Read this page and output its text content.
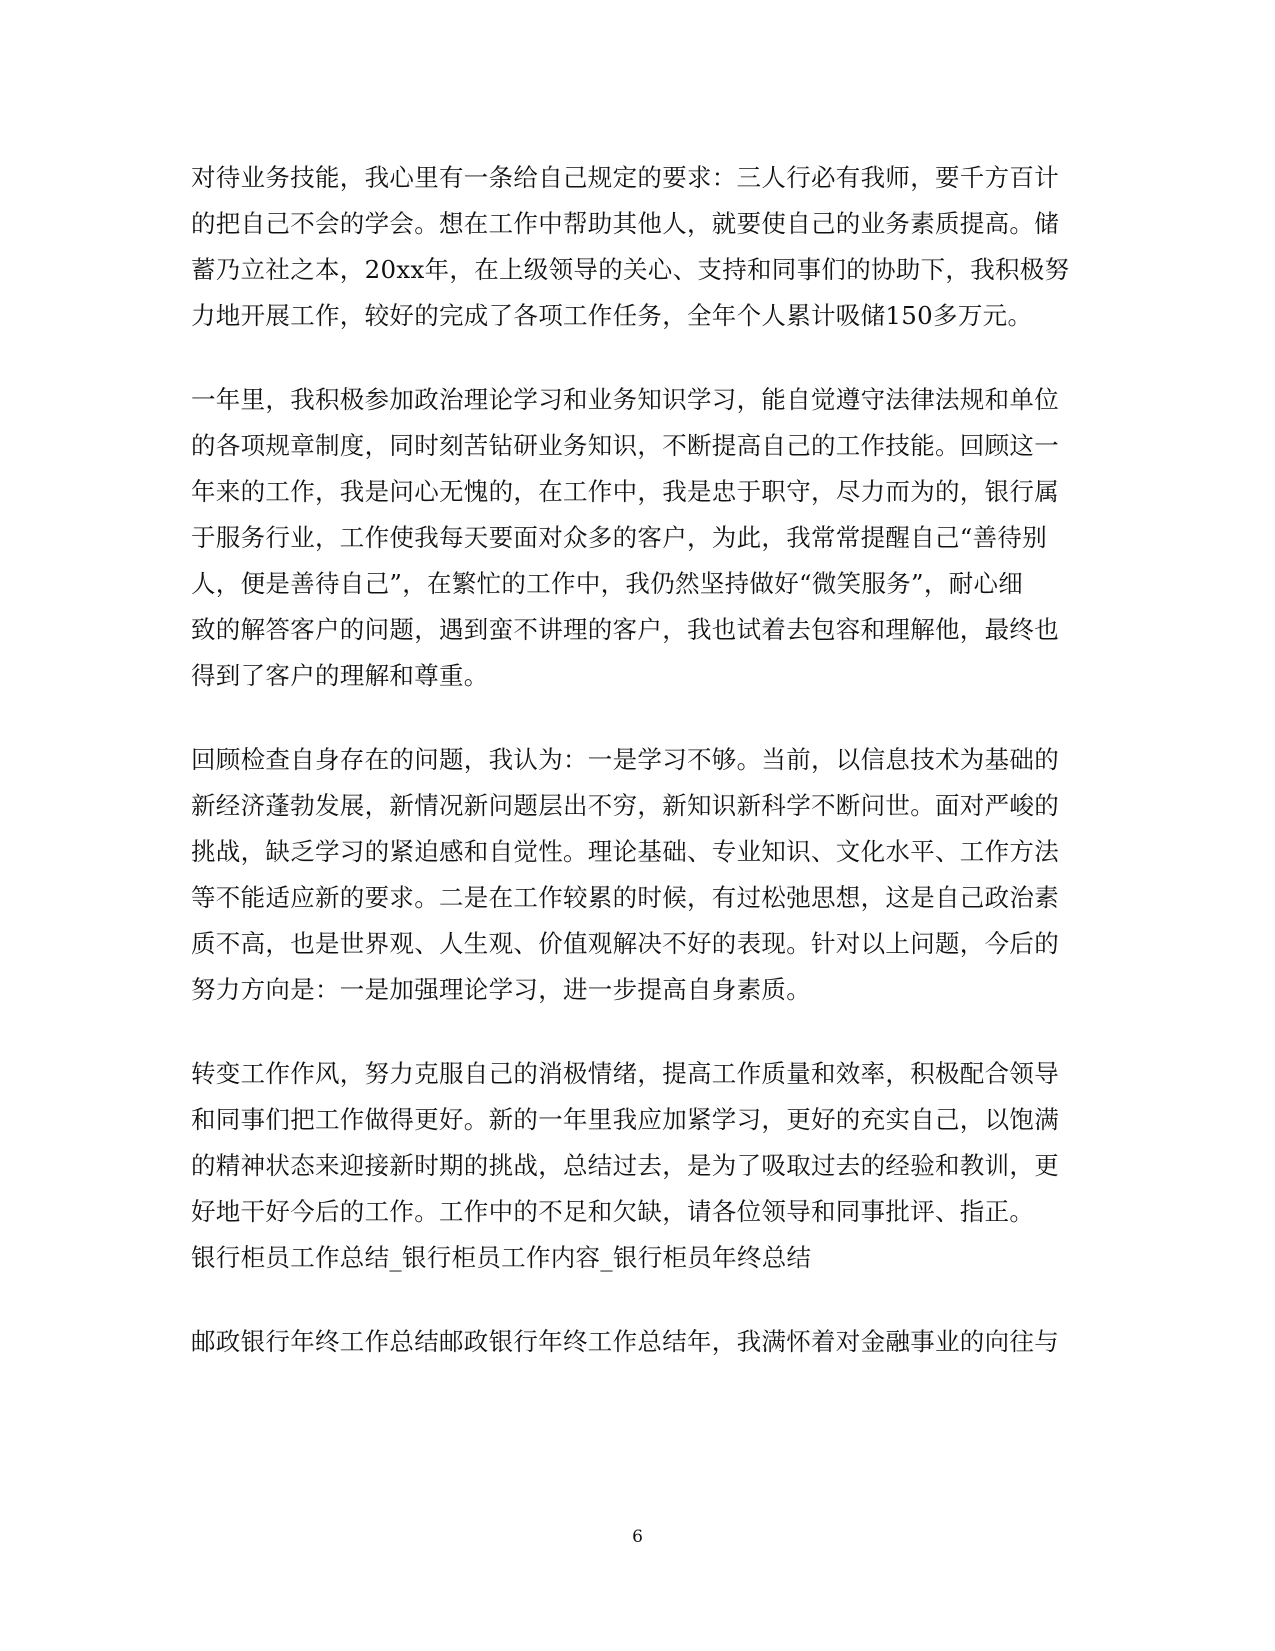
对待业务技能，我心里有一条给自己规定的要求：三人行必有我师，要千方百计
的把自己不会的学会。想在工作中帮助其他人，就要使自己的业务素质提高。储
蓄乃立社之本，20xx年，在上级领导的关心、支持和同事们的协助下，我积极努
力地开展工作，较好的完成了各项工作任务，全年个人累计吸储150多万元。
一年里，我积极参加政治理论学习和业务知识学习，能自觉遵守法律法规和单位
的各项规章制度，同时刻苦钻研业务知识，不断提高自己的工作技能。回顾这一
年来的工作，我是问心无愧的，在工作中，我是忠于职守，尽力而为的，银行属
于服务行业，工作使我每天要面对众多的客户，为此，我常常提醒自己“善待别
人，便是善待自己”，在繁忙的工作中，我仍然坚持做好“微笑服务”，耐心细
致的解答客户的问题，遇到蛮不讲理的客户，我也试着去包容和理解他，最终也
得到了客户的理解和尊重。
回顾检查自身存在的问题，我认为：一是学习不够。当前，以信息技术为基础的
新经济蓬勃发展，新情况新问题层出不穷，新知识新科学不断问世。面对严峻的
挑战，缺乏学习的紧迫感和自觉性。理论基础、专业知识、文化水平、工作方法
等不能适应新的要求。二是在工作较累的时候，有过松弛思想，这是自己政治素
质不高，也是世界观、人生观、价值观解决不好的表现。针对以上问题，今后的
努力方向是：一是加强理论学习，进一步提高自身素质。
转变工作作风，努力克服自己的消极情绪，提高工作质量和效率，积极配合领导
和同事们把工作做得更好。新的一年里我应加紧学习，更好的充实自己，以饱满
的精神状态来迎接新时期的挑战，总结过去，是为了吸取过去的经验和教训，更
好地干好今后的工作。工作中的不足和欠缺，请各位领导和同事批评、指正。
银行柜员工作总结_银行柜员工作内容_银行柜员年终总结
邮政银行年终工作总结邮政银行年终工作总结年，我满怀着对金融事业的向往与
6
